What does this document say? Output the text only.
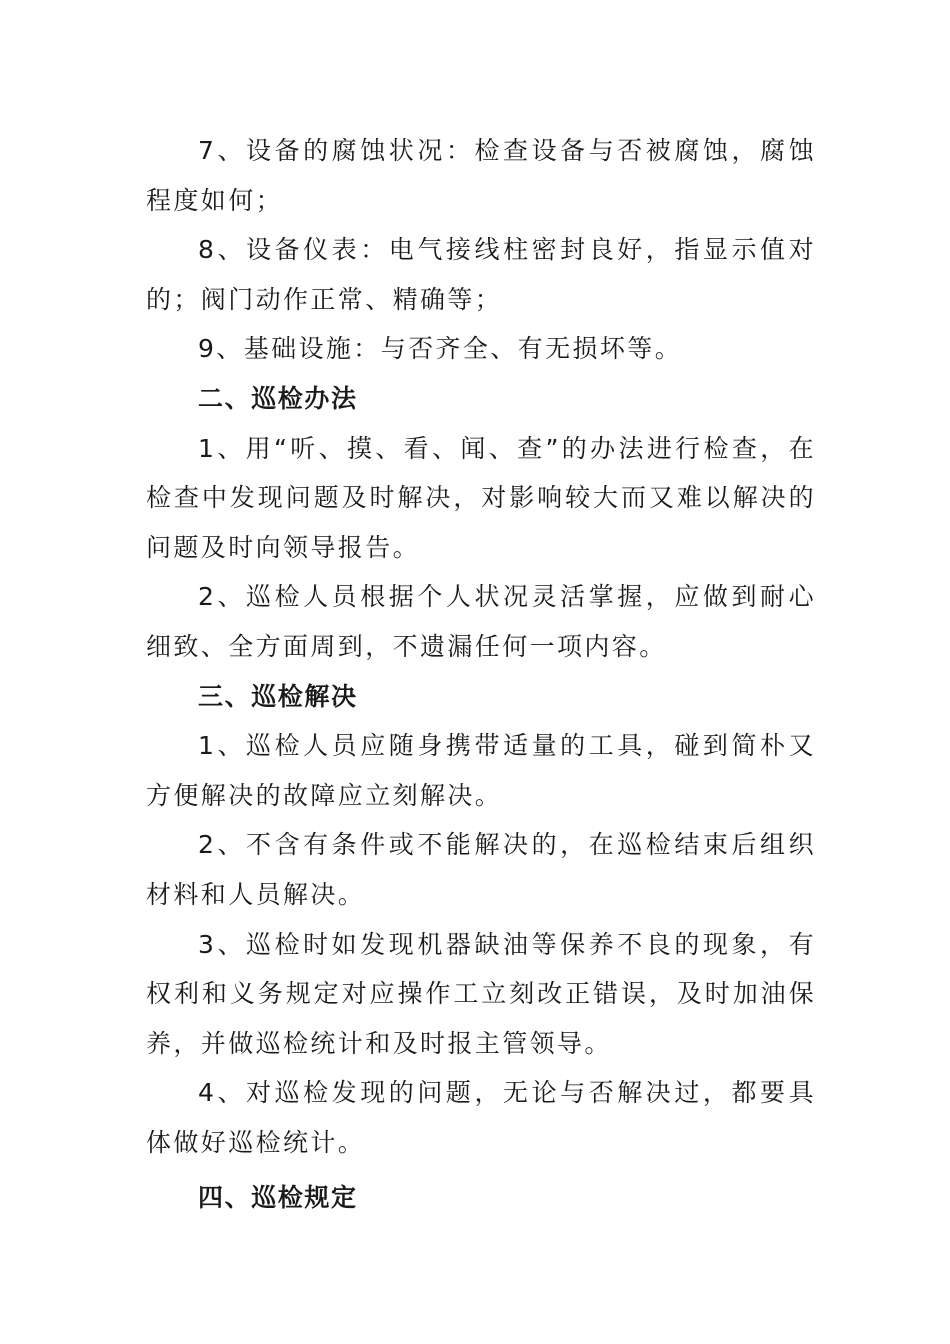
7、设备的腐蚀状况：检查设备与否被腐蚀，腐蚀程度如何；

8、设备仪表：电气接线柱密封良好，指显示值对的；阀门动作正常、精确等；

9、基础设施：与否齐全、有无损坏等。

二、巡检办法

1、用“听、摸、看、闻、查”的办法进行检查，在检查中发现问题及时解决，对影响较大而又难以解决的问题及时向领导报告。

2、巡检人员根据个人状况灵活掌握，应做到耐心细致、全方面周到，不遗漏任何一项内容。

三、巡检解决

1、巡检人员应随身携带适量的工具，碰到简朴又方便解决的故障应立刻解决。

2、不含有条件或不能解决的，在巡检结束后组织材料和人员解决。

3、巡检时如发现机器缺油等保养不良的现象，有权利和义务规定对应操作工立刻改正错误，及时加油保养，并做巡检统计和及时报主管领导。

4、对巡检发现的问题，无论与否解决过，都要具体做好巡检统计。

四、巡检规定
